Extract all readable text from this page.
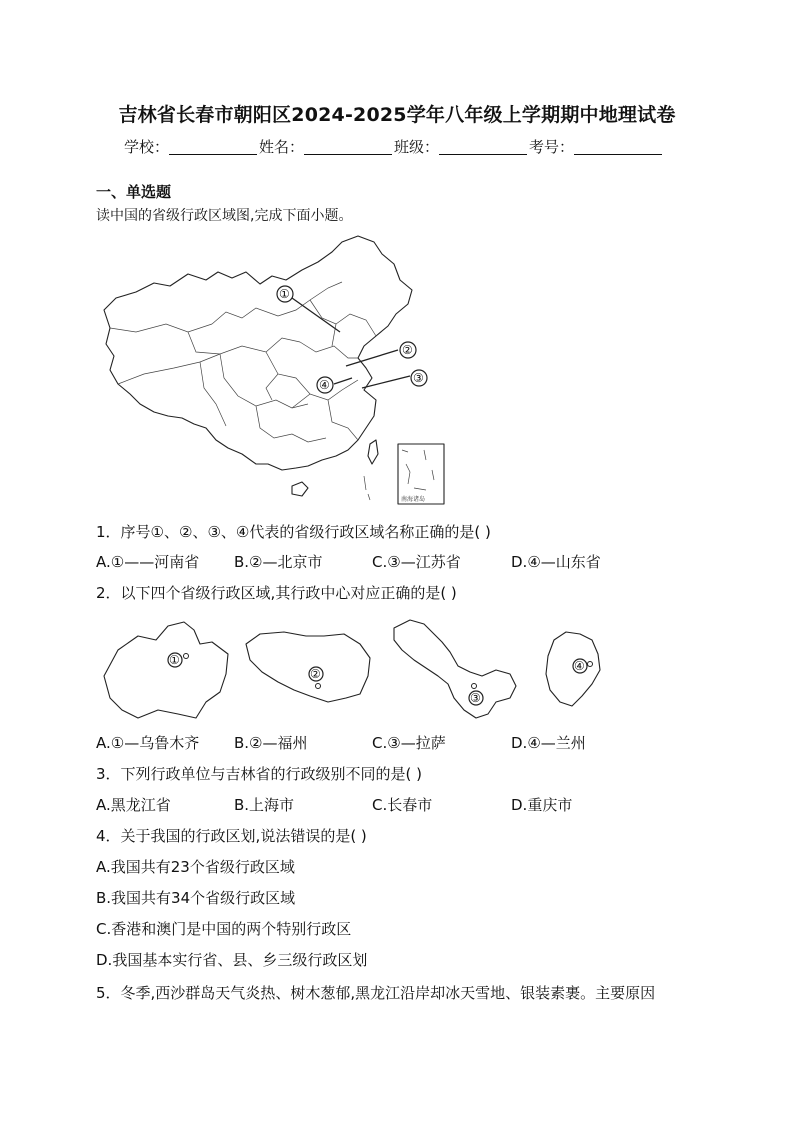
吉林省长春市朝阳区2024-2025学年八年级上学期期中地理试卷
学校：	姓名：	班级：	考号：
一、单选题
读中国的省级行政区域图,完成下面小题。
南海诸岛
①
②
③
④
1．序号①、②、③、④代表的省级行政区域名称正确的是( )
A.①——河南省 B.②—北京市	C.③—江苏省	D.④—山东省
2．以下四个省级行政区域,其行政中心对应正确的是( )
①
②
③
④
A.①—乌鲁木齐 B.②—福州	C.③—拉萨	D.④—兰州
3．下列行政单位与吉林省的行政级别不同的是( )
A.黑龙江省	B.上海市	C.长春市	D.重庆市
4．关于我国的行政区划,说法错误的是( )
A.我国共有23个省级行政区域
B.我国共有34个省级行政区域
C.香港和澳门是中国的两个特别行政区
D.我国基本实行省、县、乡三级行政区划
5．冬季,西沙群岛天气炎热、树木葱郁,黑龙江沿岸却冰天雪地、银装素裹。主要原因
